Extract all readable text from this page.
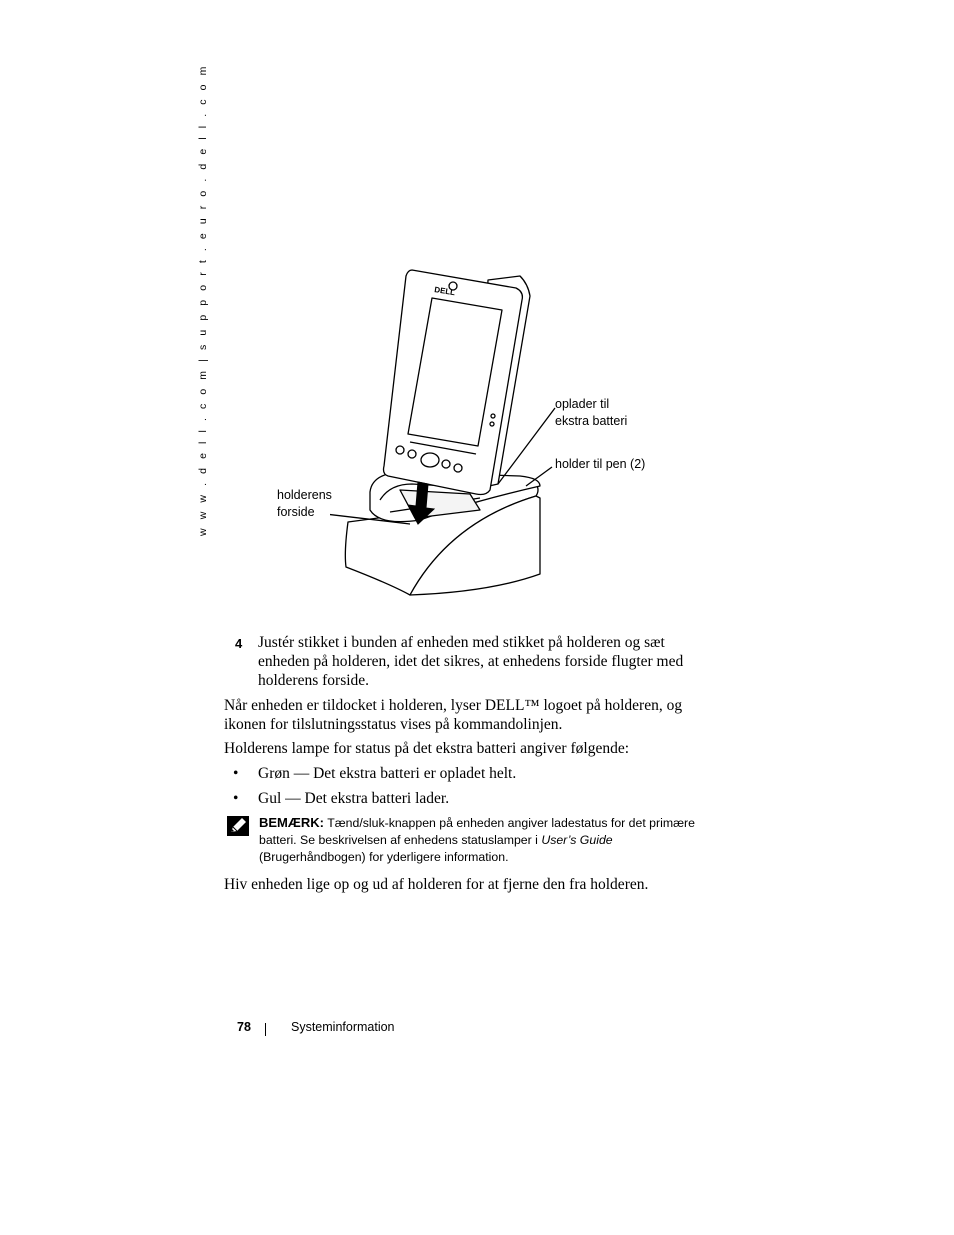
w w w . d e l l . c o m | s u p p o r t . e u r o . d e l l . c o m	DELL
oplader til
ekstra batteri
holder til pen (2)
holderens
forside
4 Justér stikket i bunden af enheden med stikket på holderen og sæt enheden på holderen, idet det sikres, at enhedens forside flugter med holderens forside.
Når enheden er tildocket i holderen, lyser DELL™ logoet på holderen, og ikonen for tilslutningsstatus vises på kommandolinjen.
Holderens lampe for status på det ekstra batteri angiver følgende:
• Grøn — Det ekstra batteri er opladet helt.
• Gul — Det ekstra batteri lader.
BEMÆRK: Tænd/sluk-knappen på enheden angiver ladestatus for det primære batteri. Se beskrivelsen af enhedens statuslamper i User’s Guide (Brugerhåndbogen) for yderligere information.
Hiv enheden lige op og ud af holderen for at fjerne den fra holderen.
78	Systeminformation
